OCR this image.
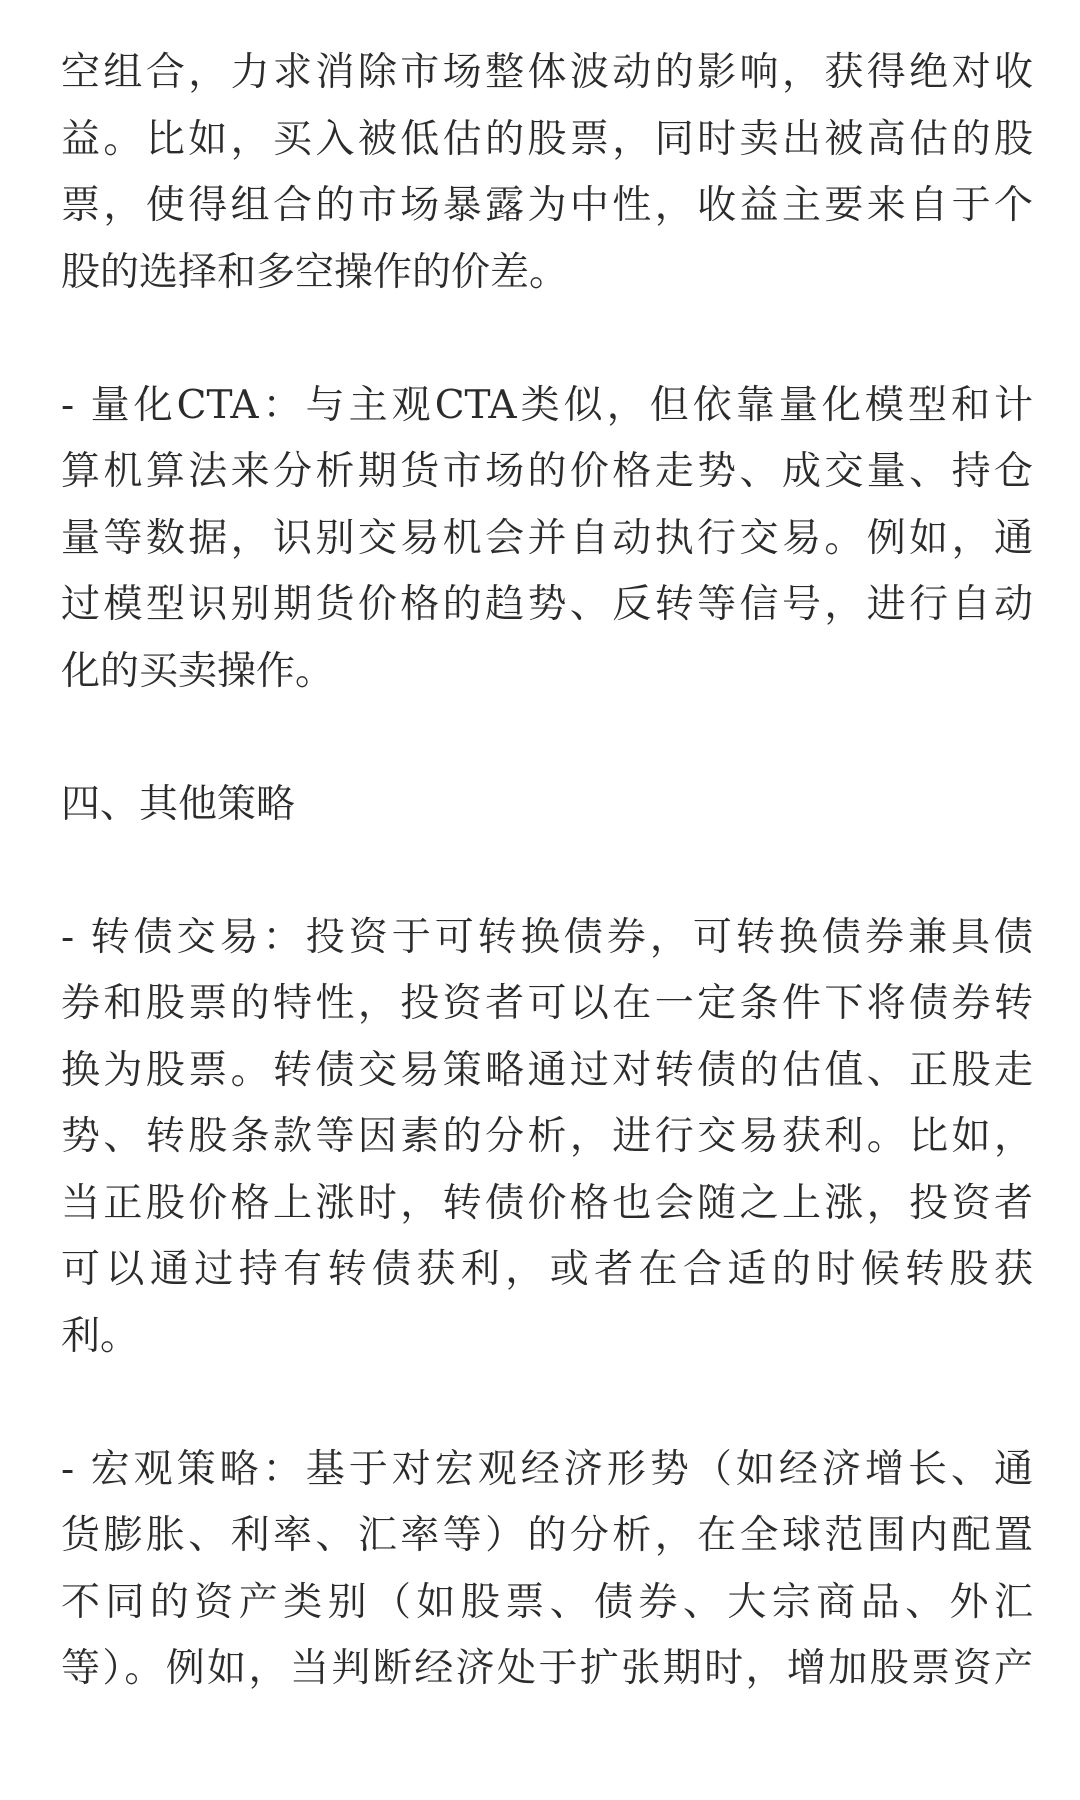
空组合，力求消除市场整体波动的影响，获得绝对收
益。比如，买入被低估的股票，同时卖出被高估的股
票，使得组合的市场暴露为中性，收益主要来自于个
股的选择和多空操作的价差。
- 量化CTA：与主观CTA类似，但依靠量化模型和计
算机算法来分析期货市场的价格走势、成交量、持仓
量等数据，识别交易机会并自动执行交易。例如，通
过模型识别期货价格的趋势、反转等信号，进行自动
化的买卖操作。
四、其他策略
- 转债交易：投资于可转换债券，可转换债券兼具债
券和股票的特性，投资者可以在一定条件下将债券转
换为股票。转债交易策略通过对转债的估值、正股走
势、转股条款等因素的分析，进行交易获利。比如，
当正股价格上涨时，转债价格也会随之上涨，投资者
可以通过持有转债获利，或者在合适的时候转股获
利。
- 宏观策略：基于对宏观经济形势（如经济增长、通
货膨胀、利率、汇率等）的分析，在全球范围内配置
不同的资产类别（如股票、债券、大宗商品、外汇
等）。例如，当判断经济处于扩张期时，增加股票资产
